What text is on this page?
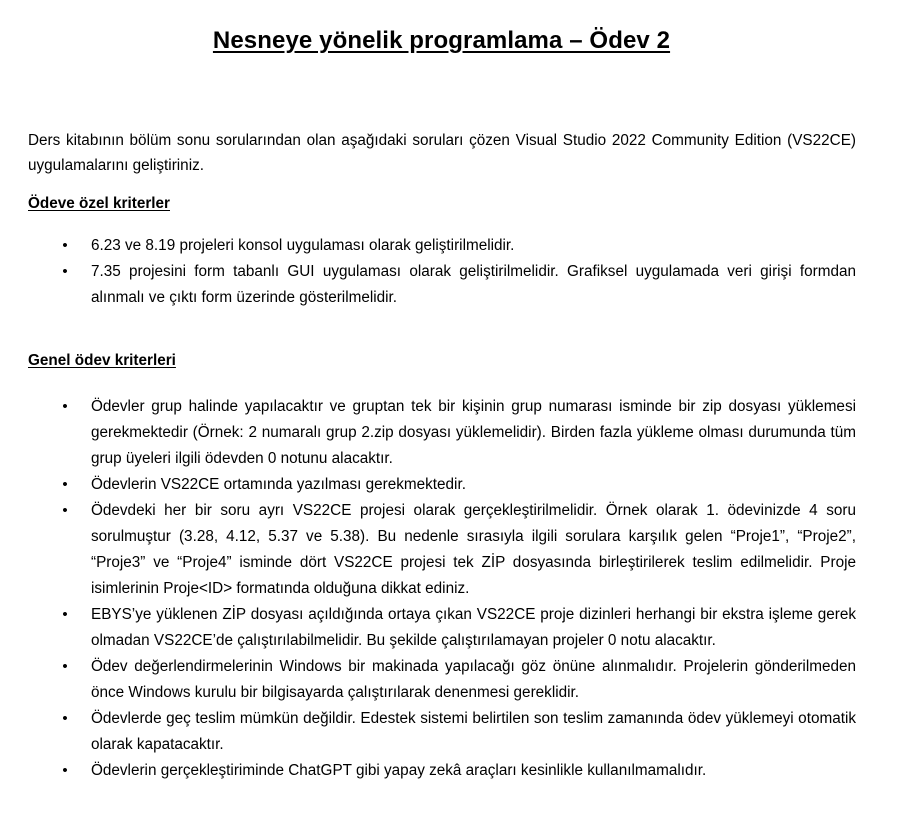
Nesneye yönelik programlama – Ödev 2
Ders kitabının bölüm sonu sorularından olan aşağıdaki soruları çözen Visual Studio 2022 Community Edition (VS22CE) uygulamalarını geliştiriniz.
Ödeve özel kriterler
• 6.23 ve 8.19 projeleri konsol uygulaması olarak geliştirilmelidir.
• 7.35 projesini form tabanlı GUI uygulaması olarak geliştirilmelidir. Grafiksel uygulamada veri girişi formdan alınmalı ve çıktı form üzerinde gösterilmelidir.
Genel ödev kriterleri
• Ödevler grup halinde yapılacaktır ve gruptan tek bir kişinin grup numarası isminde bir zip dosyası yüklemesi gerekmektedir (Örnek: 2 numaralı grup 2.zip dosyası yüklemelidir). Birden fazla yükleme olması durumunda tüm grup üyeleri ilgili ödevden 0 notunu alacaktır.
• Ödevlerin VS22CE ortamında yazılması gerekmektedir.
• Ödevdeki her bir soru ayrı VS22CE projesi olarak gerçekleştirilmelidir. Örnek olarak 1. ödevinizde 4 soru sorulmuştur (3.28, 4.12, 5.37 ve 5.38). Bu nedenle sırasıyla ilgili sorulara karşılık gelen “Proje1”, “Proje2”, “Proje3” ve “Proje4” isminde dört VS22CE projesi tek ZİP dosyasında birleştirilerek teslim edilmelidir. Proje isimlerinin Proje<ID> formatında olduğuna dikkat ediniz.
• EBYS’ye yüklenen ZİP dosyası açıldığında ortaya çıkan VS22CE proje dizinleri herhangi bir ekstra işleme gerek olmadan VS22CE’de çalıştırılabilmelidir. Bu şekilde çalıştırılamayan projeler 0 notu alacaktır.
• Ödev değerlendirmelerinin Windows bir makinada yapılacağı göz önüne alınmalıdır. Projelerin gönderilmeden önce Windows kurulu bir bilgisayarda çalıştırılarak denenmesi gereklidir.
• Ödevlerde geç teslim mümkün değildir. Edestek sistemi belirtilen son teslim zamanında ödev yüklemeyi otomatik olarak kapatacaktır.
• Ödevlerin gerçekleştiriminde ChatGPT gibi yapay zekâ araçları kesinlikle kullanılmamalıdır.
